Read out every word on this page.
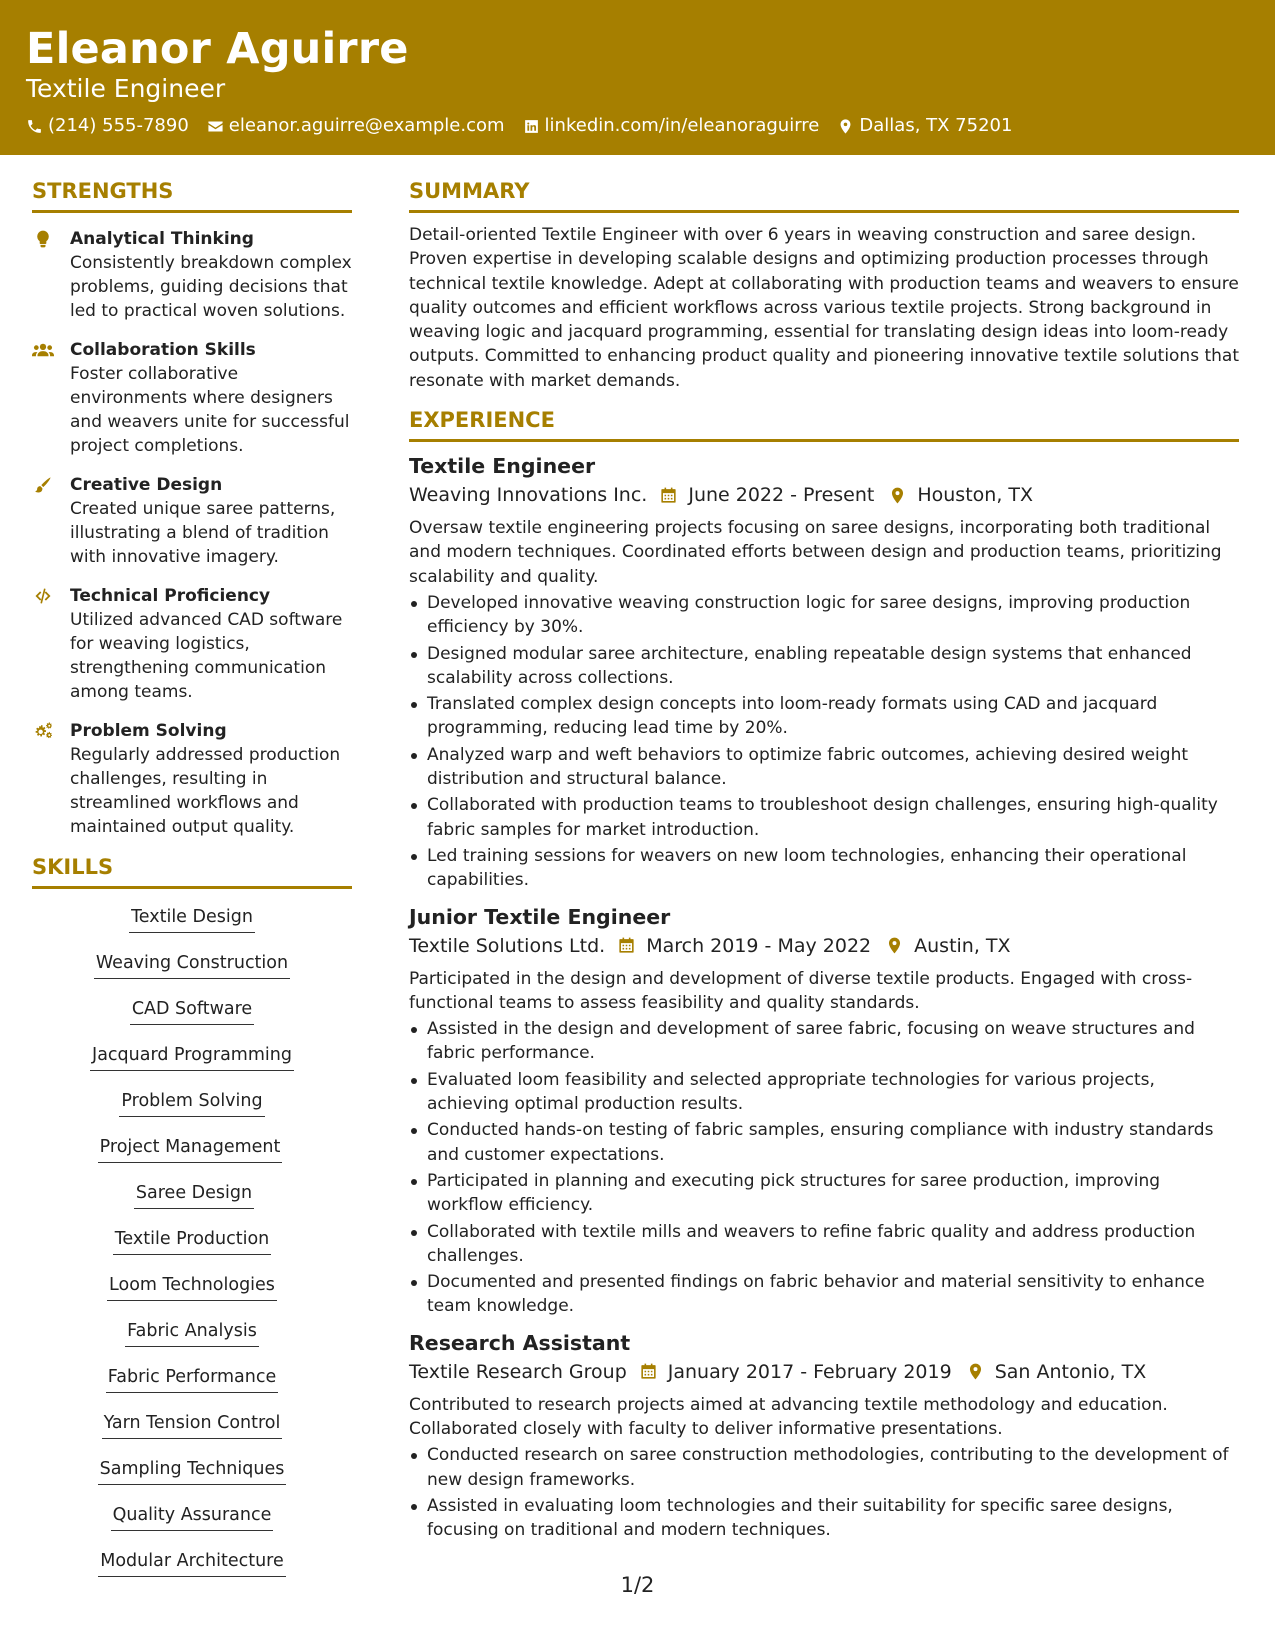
Eleanor Aguirre
Textile Engineer
(214) 555-7890 eleanor.aguirre@example.com linkedin.com/in/eleanoraguirre Dallas, TX 75201
STRENGTHS
Analytical Thinking
Consistently breakdown complex problems, guiding decisions that led to practical woven solutions.
Collaboration Skills
Foster collaborative environments where designers and weavers unite for successful project completions.
Creative Design
Created unique saree patterns, illustrating a blend of tradition with innovative imagery.
Technical Proficiency
Utilized advanced CAD software for weaving logistics, strengthening communication among teams.
Problem Solving
Regularly addressed production challenges, resulting in streamlined workflows and maintained output quality.
SKILLS
Textile Design
Weaving Construction
CAD Software
Jacquard Programming
Problem Solving
Project Management
Saree Design
Textile Production
Loom Technologies
Fabric Analysis
Fabric Performance
Yarn Tension Control
Sampling Techniques
Quality Assurance
Modular Architecture
SUMMARY
Detail-oriented Textile Engineer with over 6 years in weaving construction and saree design. Proven expertise in developing scalable designs and optimizing production processes through technical textile knowledge. Adept at collaborating with production teams and weavers to ensure quality outcomes and efficient workflows across various textile projects. Strong background in weaving logic and jacquard programming, essential for translating design ideas into loom-ready outputs. Committed to enhancing product quality and pioneering innovative textile solutions that resonate with market demands.
EXPERIENCE
Textile Engineer
Weaving Innovations Inc. June 2022 - Present Houston, TX
Oversaw textile engineering projects focusing on saree designs, incorporating both traditional and modern techniques. Coordinated efforts between design and production teams, prioritizing scalability and quality.
Developed innovative weaving construction logic for saree designs, improving production efficiency by 30%.
Designed modular saree architecture, enabling repeatable design systems that enhanced scalability across collections.
Translated complex design concepts into loom-ready formats using CAD and jacquard programming, reducing lead time by 20%.
Analyzed warp and weft behaviors to optimize fabric outcomes, achieving desired weight distribution and structural balance.
Collaborated with production teams to troubleshoot design challenges, ensuring high-quality fabric samples for market introduction.
Led training sessions for weavers on new loom technologies, enhancing their operational capabilities.
Junior Textile Engineer
Textile Solutions Ltd. March 2019 - May 2022 Austin, TX
Participated in the design and development of diverse textile products. Engaged with cross-functional teams to assess feasibility and quality standards.
Assisted in the design and development of saree fabric, focusing on weave structures and fabric performance.
Evaluated loom feasibility and selected appropriate technologies for various projects, achieving optimal production results.
Conducted hands-on testing of fabric samples, ensuring compliance with industry standards and customer expectations.
Participated in planning and executing pick structures for saree production, improving workflow efficiency.
Collaborated with textile mills and weavers to refine fabric quality and address production challenges.
Documented and presented findings on fabric behavior and material sensitivity to enhance team knowledge.
Research Assistant
Textile Research Group January 2017 - February 2019 San Antonio, TX
Contributed to research projects aimed at advancing textile methodology and education. Collaborated closely with faculty to deliver informative presentations.
Conducted research on saree construction methodologies, contributing to the development of new design frameworks.
Assisted in evaluating loom technologies and their suitability for specific saree designs, focusing on traditional and modern techniques.
1/2
